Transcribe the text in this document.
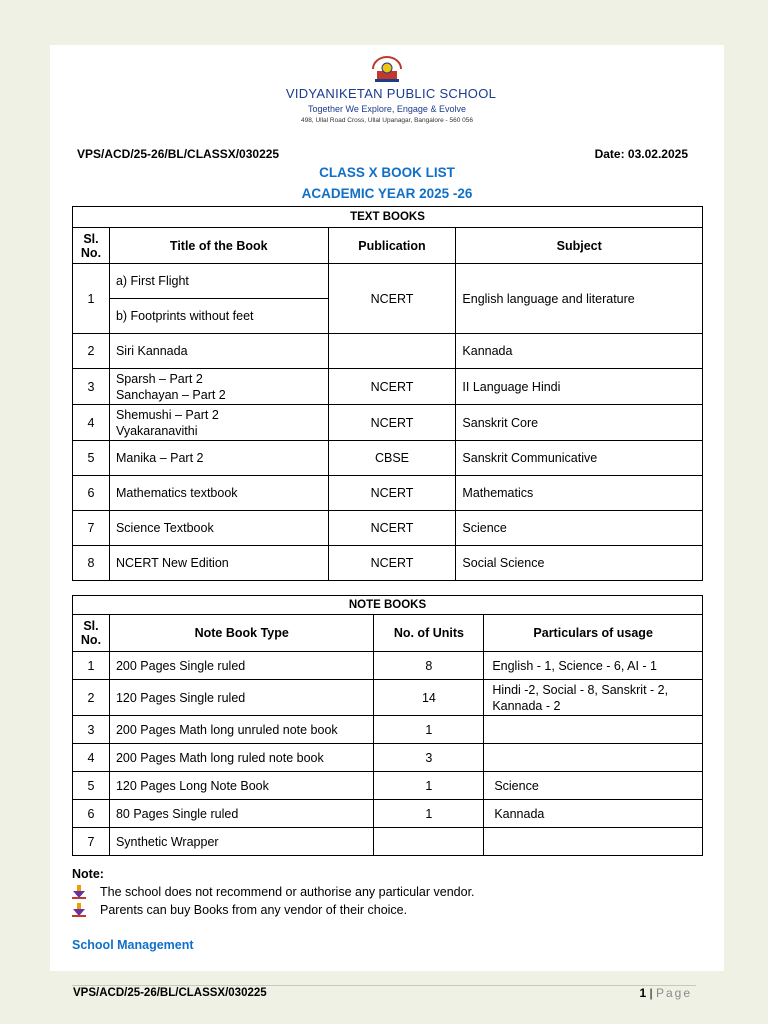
VIDYANIKETAN PUBLIC SCHOOL
Together We Explore, Engage & Evolve
498, Ullal Road Cross, Ullal Upanagar, Bangalore - 560 056
VPS/ACD/25-26/BL/CLASSX/030225	Date: 03.02.2025
CLASS X BOOK LIST
ACADEMIC YEAR 2025 -26
TEXT BOOKS			
Sl. No.	Title of the Book	Publication	Subject
1	a) First Flight	NCERT	English language and literature
	b) Footprints without feet		
2	Siri Kannada		Kannada
3	Sparsh – Part 2
Sanchayan – Part 2	NCERT	II Language Hindi
4	Shemushi – Part 2
Vyakaranavithi	NCERT	Sanskrit Core
5	Manika – Part 2	CBSE	Sanskrit Communicative
6	Mathematics textbook	NCERT	Mathematics
7	Science Textbook	NCERT	Science
8	NCERT New Edition	NCERT	Social Science
NOTE BOOKS			
Sl. No.	Note Book Type	No. of Units	Particulars of usage
1	200 Pages Single ruled	8	English - 1, Science - 6, AI - 1
2	120 Pages Single ruled	14	Hindi -2, Social - 8, Sanskrit - 2, Kannada - 2
3	200 Pages Math long unruled note book	1	
4	200 Pages Math long ruled note book	3	
5	120 Pages Long Note Book	1	Science
6	80 Pages Single ruled	1	Kannada
7	Synthetic Wrapper		
Note:
The school does not recommend or authorise any particular vendor.
Parents can buy Books from any vendor of their choice.
School Management
VPS/ACD/25-26/BL/CLASSX/030225	1 | Page
